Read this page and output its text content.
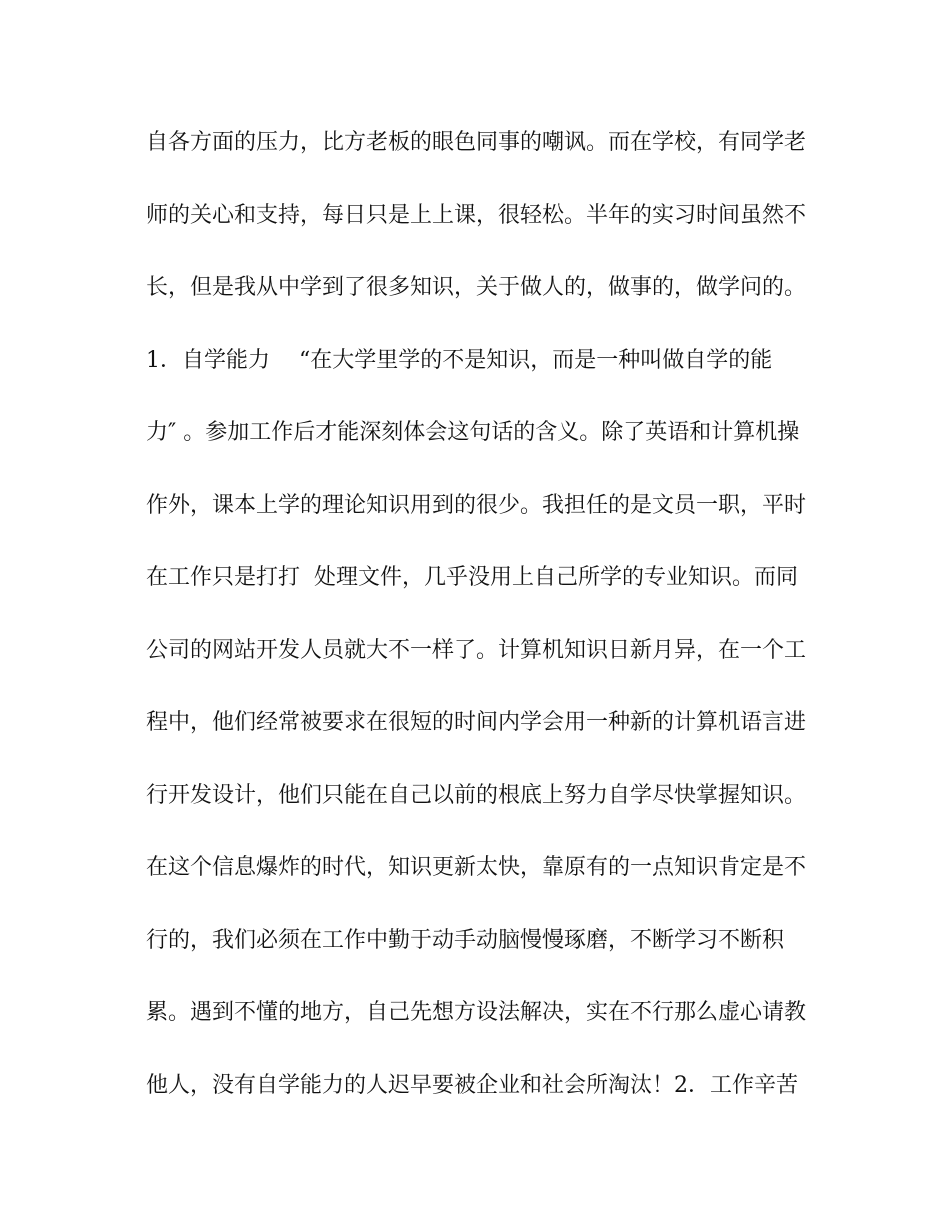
自各方面的压力，比方老板的眼色同事的嘲讽。而在学校，有同学老
师的关心和支持，每日只是上上课，很轻松。半年的实习时间虽然不
长，但是我从中学到了很多知识，关于做人的，做事的，做学问的。
1．自学能力　 “在大学里学的不是知识，而是一种叫做自学的能
力″ 。参加工作后才能深刻体会这句话的含义。除了英语和计算机操
作外，课本上学的理论知识用到的很少。我担任的是文员一职，平时
在工作只是打打  处理文件，几乎没用上自己所学的专业知识。而同
公司的网站开发人员就大不一样了。计算机知识日新月异，在一个工
程中，他们经常被要求在很短的时间内学会用一种新的计算机语言进
行开发设计，他们只能在自己以前的根底上努力自学尽快掌握知识。
在这个信息爆炸的时代，知识更新太快，靠原有的一点知识肯定是不
行的，我们必须在工作中勤于动手动脑慢慢琢磨，不断学习不断积
累。遇到不懂的地方，自己先想方设法解决，实在不行那么虚心请教
他人，没有自学能力的人迟早要被企业和社会所淘汰！2．工作辛苦
